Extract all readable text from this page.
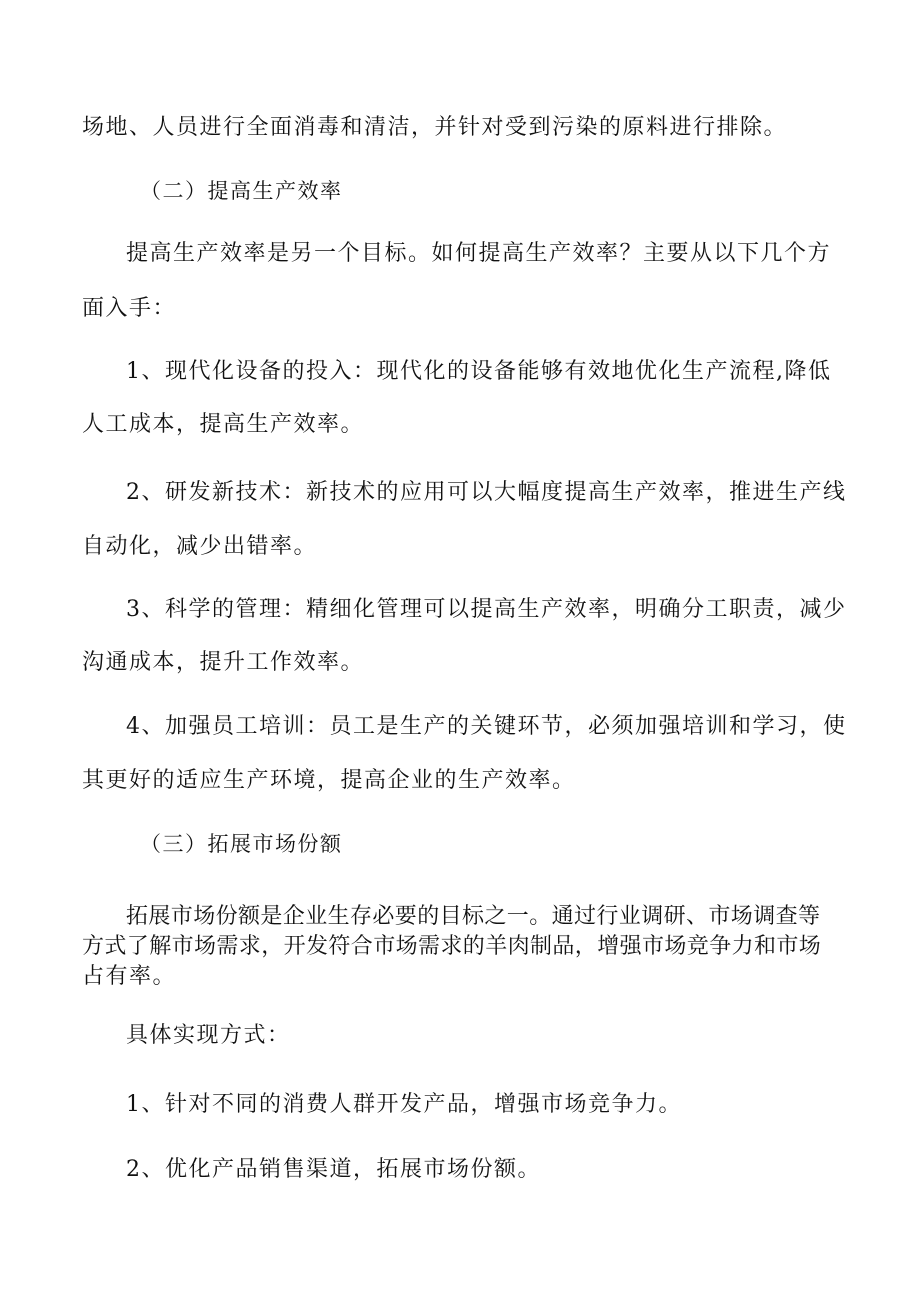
场地、人员进行全面消毒和清洁，并针对受到污染的原料进行排除。
（二）提高生产效率
提高生产效率是另一个目标。如何提高生产效率？主要从以下几个方
面入手：
1、现代化设备的投入：现代化的设备能够有效地优化生产流程,降低
人工成本，提高生产效率。
2、研发新技术：新技术的应用可以大幅度提高生产效率，推进生产线
自动化，减少出错率。
3、科学的管理：精细化管理可以提高生产效率，明确分工职责，减少
沟通成本，提升工作效率。
4、加强员工培训：员工是生产的关键环节，必须加强培训和学习，使
其更好的适应生产环境，提高企业的生产效率。
（三）拓展市场份额
拓展市场份额是企业生存必要的目标之一。通过行业调研、市场调查等
方式了解市场需求，开发符合市场需求的羊肉制品，增强市场竞争力和市场
占有率。
具体实现方式：
1、针对不同的消费人群开发产品，增强市场竞争力。
2、优化产品销售渠道，拓展市场份额。
